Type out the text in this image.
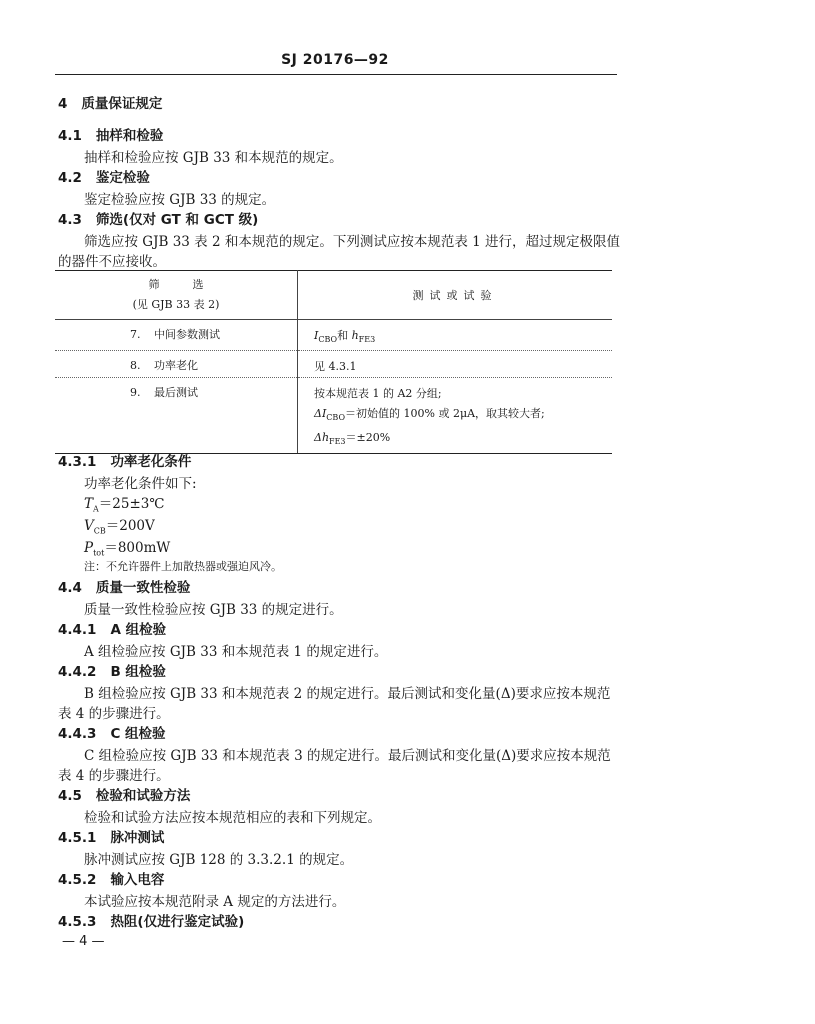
SJ 20176—92
4 质量保证规定
4.1 抽样和检验
抽样和检验应按 GJB 33 和本规范的规定。
4.2 鉴定检验
鉴定检验应按 GJB 33 的规定。
4.3 筛选(仅对 GT 和 GCT 级)
筛选应按 GJB 33 表 2 和本规范的规定。下列测试应按本规范表 1 进行，超过规定极限值
的器件不应接收。
筛　　　选
(见 GJB 33 表 2)	测试或试验

7. 中间参数测试	$I_{CBO}$和 $h_{FE3}$

8. 功率老化	见 4.3.1

9. 最后测试	按本规范表 1 的 A2 分组;
$\Delta I_{CBO}=$初始值的 100% 或 2μA，取其较大者;
$\Delta h_{FE3}=\pm 20\%$
4.3.1 功率老化条件
功率老化条件如下:
$T_A=25\pm 3℃$
$V_{CB}=200V$
$P_{tot}=800mW$
注：不允许器件上加散热器或强迫风冷。
4.4 质量一致性检验
质量一致性检验应按 GJB 33 的规定进行。
4.4.1 A 组检验
A 组检验应按 GJB 33 和本规范表 1 的规定进行。
4.4.2 B 组检验
B 组检验应按 GJB 33 和本规范表 2 的规定进行。最后测试和变化量(Δ)要求应按本规范
表 4 的步骤进行。
4.4.3 C 组检验
C 组检验应按 GJB 33 和本规范表 3 的规定进行。最后测试和变化量(Δ)要求应按本规范
表 4 的步骤进行。
4.5 检验和试验方法
检验和试验方法应按本规范相应的表和下列规定。
4.5.1 脉冲测试
脉冲测试应按 GJB 128 的 3.3.2.1 的规定。
4.5.2 输入电容
本试验应按本规范附录 A 规定的方法进行。
4.5.3 热阻(仅进行鉴定试验)
— 4 —
